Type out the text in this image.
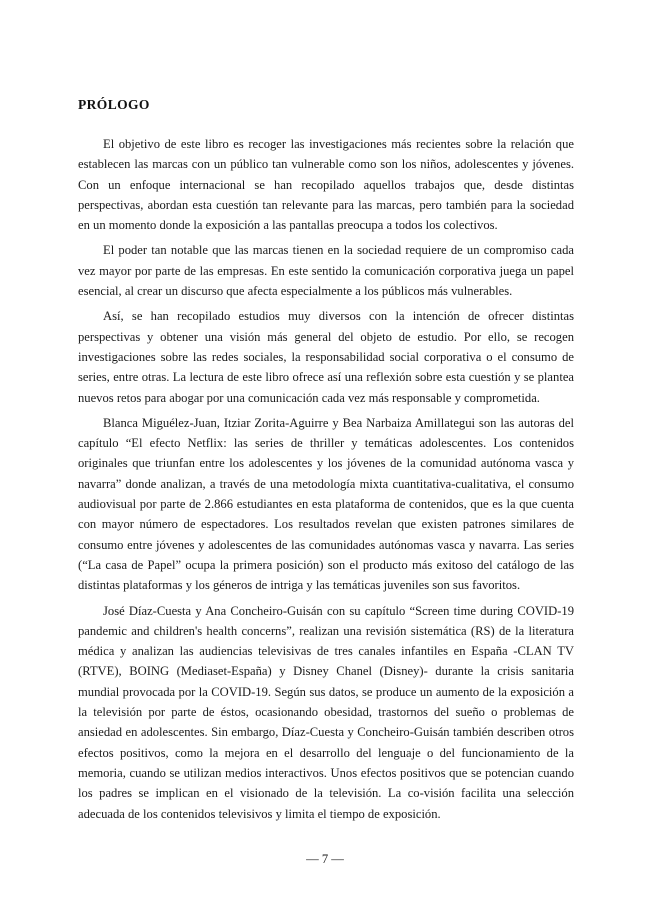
PRÓLOGO

El objetivo de este libro es recoger las investigaciones más recientes sobre la relación que establecen las marcas con un público tan vulnerable como son los niños, adolescentes y jóvenes. Con un enfoque internacional se han recopilado aquellos trabajos que, desde distintas perspectivas, abordan esta cuestión tan relevante para las marcas, pero también para la sociedad en un momento donde la exposición a las pantallas preocupa a todos los colectivos.

El poder tan notable que las marcas tienen en la sociedad requiere de un compromiso cada vez mayor por parte de las empresas. En este sentido la comunicación corporativa juega un papel esencial, al crear un discurso que afecta especialmente a los públicos más vulnerables.

Así, se han recopilado estudios muy diversos con la intención de ofrecer distintas perspectivas y obtener una visión más general del objeto de estudio. Por ello, se recogen investigaciones sobre las redes sociales, la responsabilidad social corporativa o el consumo de series, entre otras. La lectura de este libro ofrece así una reflexión sobre esta cuestión y se plantea nuevos retos para abogar por una comunicación cada vez más responsable y comprometida.

Blanca Miguélez-Juan, Itziar Zorita-Aguirre y Bea Narbaiza Amillategui son las autoras del capítulo “El efecto Netflix: las series de thriller y temáticas adolescentes. Los contenidos originales que triunfan entre los adolescentes y los jóvenes de la comunidad autónoma vasca y navarra” donde analizan, a través de una metodología mixta cuantitativa-cualitativa, el consumo audiovisual por parte de 2.866 estudiantes en esta plataforma de contenidos, que es la que cuenta con mayor número de espectadores. Los resultados revelan que existen patrones similares de consumo entre jóvenes y adolescentes de las comunidades autónomas vasca y navarra. Las series (“La casa de Papel” ocupa la primera posición) son el producto más exitoso del catálogo de las distintas plataformas y los géneros de intriga y las temáticas juveniles son sus favoritos.

José Díaz-Cuesta y Ana Concheiro-Guisán con su capítulo “Screen time during COVID-19 pandemic and children's health concerns”, realizan una revisión sistemática (RS) de la literatura médica y analizan las audiencias televisivas de tres canales infantiles en España -CLAN TV (RTVE), BOING (Mediaset-España) y Disney Chanel (Disney)- durante la crisis sanitaria mundial provocada por la COVID-19. Según sus datos, se produce un aumento de la exposición a la televisión por parte de éstos, ocasionando obesidad, trastornos del sueño o problemas de ansiedad en adolescentes. Sin embargo, Díaz-Cuesta y Concheiro-Guisán también describen otros efectos positivos, como la mejora en el desarrollo del lenguaje o del funcionamiento de la memoria, cuando se utilizan medios interactivos. Unos efectos positivos que se potencian cuando los padres se implican en el visionado de la televisión. La co-visión facilita una selección adecuada de los contenidos televisivos y limita el tiempo de exposición.

— 7 —
